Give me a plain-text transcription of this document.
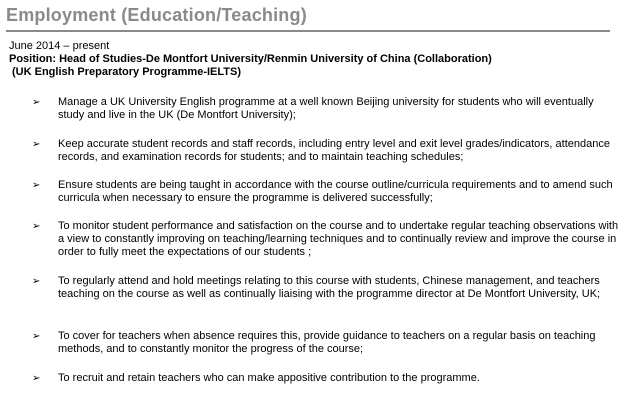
Employment (Education/Teaching)
June 2014 – present
Position: Head of Studies-De Montfort University/Renmin University of China (Collaboration)
(UK English Preparatory Programme-IELTS)
➢	Manage a UK University English programme at a well known Beijing university for students who will eventually study and live in the UK (De Montfort University);
➢	Keep accurate student records and staff records, including entry level and exit level grades/indicators, attendance records, and examination records for students; and to maintain teaching schedules;
➢	Ensure students are being taught in accordance with the course outline/curricula requirements and to amend such curricula when necessary to ensure the programme is delivered successfully;
➢	To monitor student performance and satisfaction on the course and to undertake regular teaching observations with a view to constantly improving on teaching/learning techniques and to continually review and improve the course in order to fully meet the expectations of our students ;
➢	To regularly attend and hold meetings relating to this course with students, Chinese management, and teachers teaching on the course as well as continually liaising with the programme director at De Montfort University, UK;
➢	To cover for teachers when absence requires this, provide guidance to teachers on a regular basis on teaching methods, and to constantly monitor the progress of the course;
➢	To recruit and retain teachers who can make appositive contribution to the programme.
